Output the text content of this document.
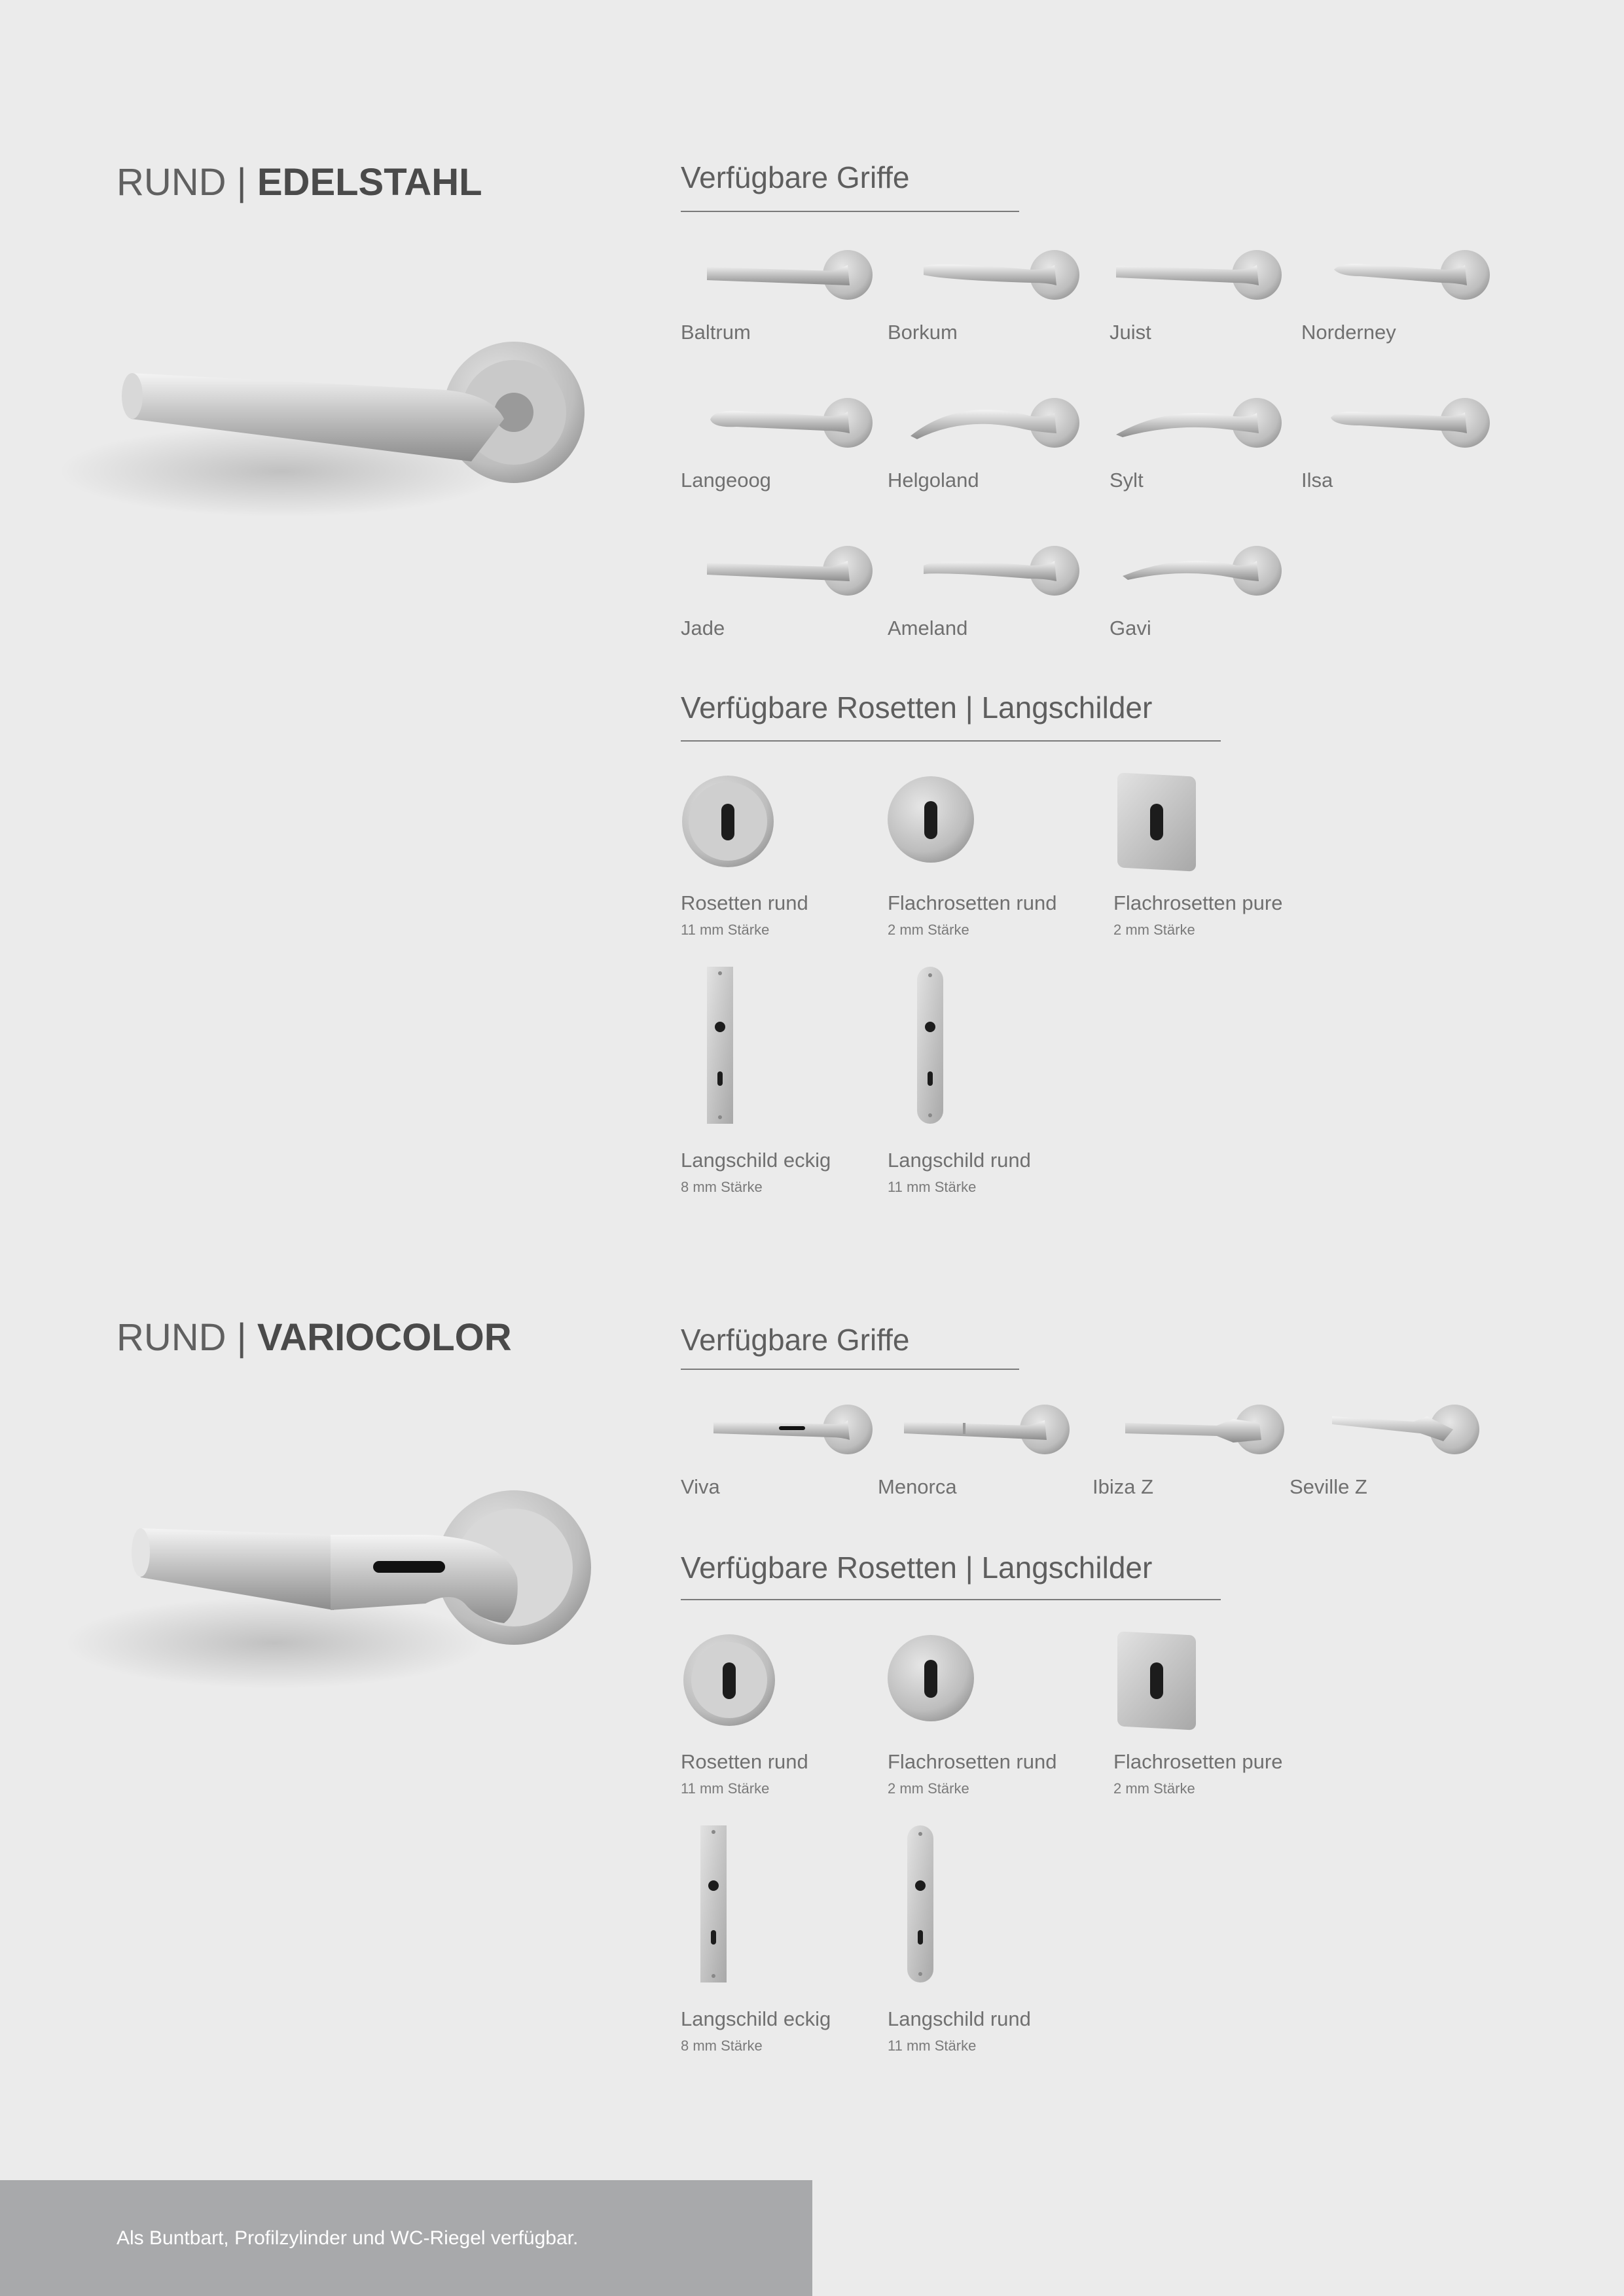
RUND | EDELSTAHL	Verfügbare Griffe
Baltrum	Borkum	Juist	Norderney
Langeoog	Helgoland	Sylt	Ilsa
Jade	Ameland	Gavi
Verfügbare Rosetten | Langschilder
Rosetten rund
11 mm Stärke
Flachrosetten rund
2 mm Stärke
Flachrosetten pure
2 mm Stärke
Langschild eckig
8 mm Stärke
Langschild rund
11 mm Stärke
RUND | VARIOCOLOR	Verfügbare Griffe
Viva	Menorca	Ibiza Z	Seville Z
Verfügbare Rosetten | Langschilder
Rosetten rund
11 mm Stärke
Flachrosetten rund
2 mm Stärke
Flachrosetten pure
2 mm Stärke
Langschild eckig
8 mm Stärke
Langschild rund
11 mm Stärke
Als Buntbart, Profilzylinder und WC-Riegel verfügbar.
